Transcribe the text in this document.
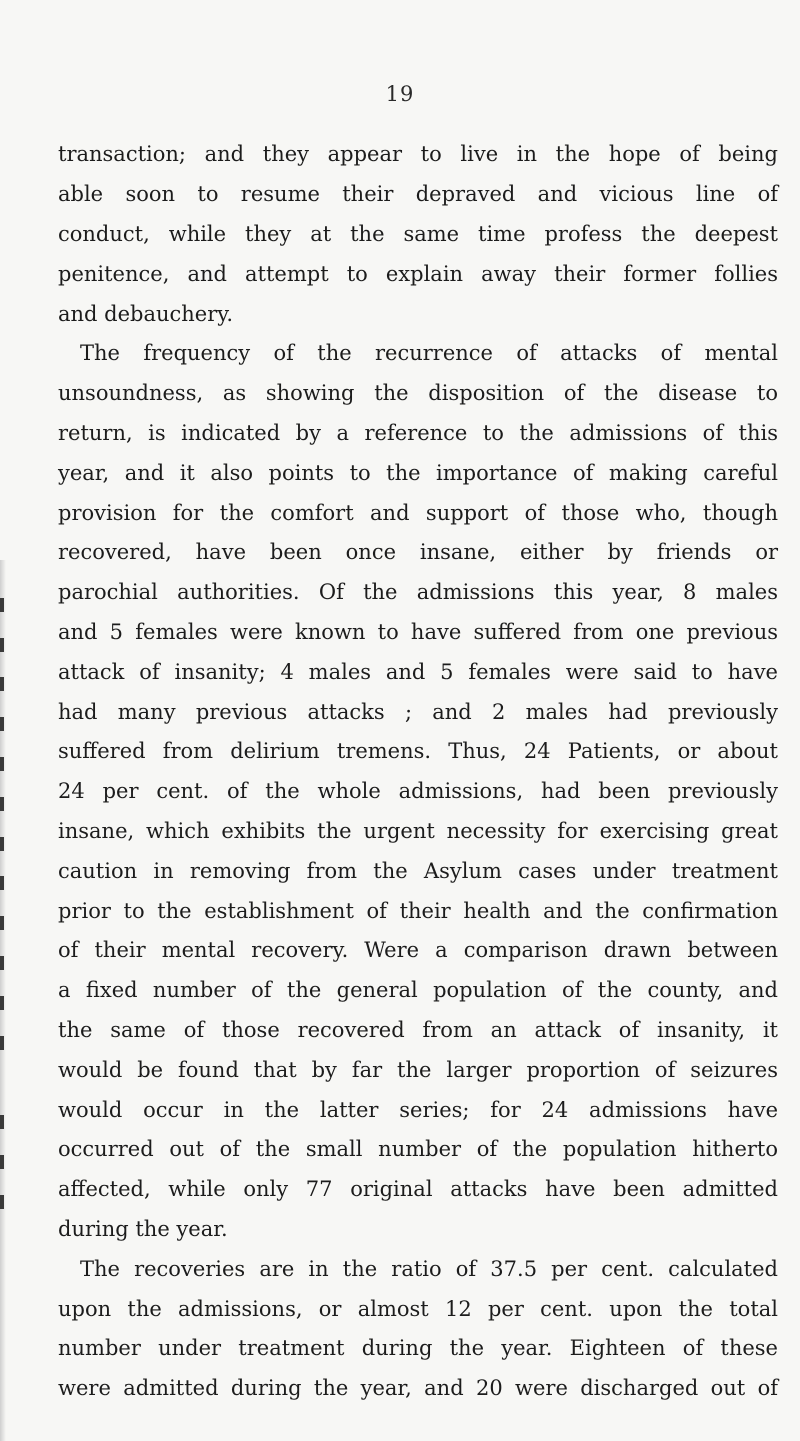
19
transaction; and they appear to live in the hope of being
able soon to resume their depraved and vicious line of
conduct, while they at the same time profess the deepest
penitence, and attempt to explain away their former follies
and debauchery.
The frequency of the recurrence of attacks of mental
unsoundness, as showing the disposition of the disease to
return, is indicated by a reference to the admissions of this
year, and it also points to the importance of making careful
provision for the comfort and support of those who, though
recovered, have been once insane, either by friends or
parochial authorities. Of the admissions this year, 8 males
and 5 females were known to have suffered from one previous
attack of insanity; 4 males and 5 females were said to have
had many previous attacks ; and 2 males had previously
suffered from delirium tremens. Thus, 24 Patients, or about
24 per cent. of the whole admissions, had been previously
insane, which exhibits the urgent necessity for exercising great
caution in removing from the Asylum cases under treatment
prior to the establishment of their health and the confirmation
of their mental recovery. Were a comparison drawn between
a fixed number of the general population of the county, and
the same of those recovered from an attack of insanity, it
would be found that by far the larger proportion of seizures
would occur in the latter series; for 24 admissions have
occurred out of the small number of the population hitherto
affected, while only 77 original attacks have been admitted
during the year.
The recoveries are in the ratio of 37.5 per cent. calculated
upon the admissions, or almost 12 per cent. upon the total
number under treatment during the year. Eighteen of these
were admitted during the year, and 20 were discharged out of
